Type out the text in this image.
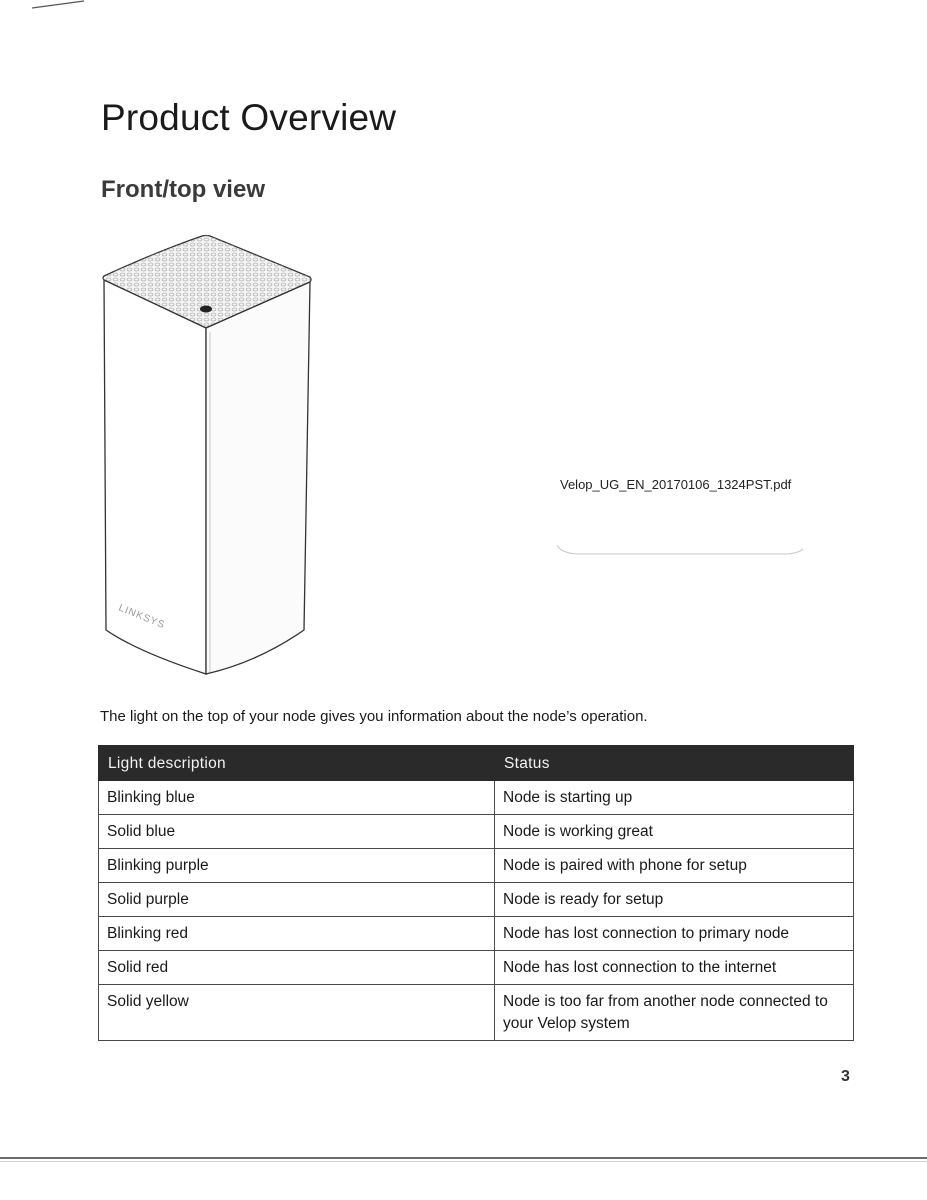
Product Overview
Front/top view
LINKSYS
Velop_UG_EN_20170106_1324PST.pdf

The light on the top of your node gives you information about the node’s operation.

Light description	Status
Blinking blue	Node is starting up
Solid blue	Node is working great
Blinking purple	Node is paired with phone for setup
Solid purple	Node is ready for setup
Blinking red	Node has lost connection to primary node
Solid red	Node has lost connection to the internet
Solid yellow	Node is too far from another node connected to your Velop system
3
